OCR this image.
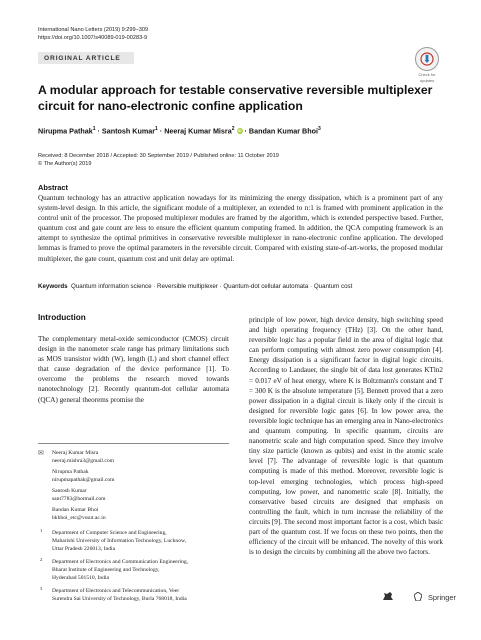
International Nano Letters (2019) 9:299–309
https://doi.org/10.1007/s40089-019-00283-9
ORIGINAL ARTICLE
Check for
updates
A modular approach for testable conservative reversible multiplexer
circuit for nano-electronic confine application
Nirupma Pathak$^1$ · Santosh Kumar$^1$ · Neeraj Kumar Misra$^2$ iD · Bandan Kumar Bhoi$^3$
Received: 8 December 2018 / Accepted: 30 September 2019 / Published online: 11 October 2019
© The Author(s) 2019
Abstract
Quantum technology has an attractive application nowadays for its minimizing the energy dissipation, which is a prominent part of any system-level design. In this article, the significant module of a multiplexer, an extended to n:1 is framed with prominent application in the control unit of the processor. The proposed multiplexer modules are framed by the algorithm, which is extended perspective based. Further, quantum cost and gate count are less to ensure the efficient quantum computing framed. In addition, the QCA computing framework is an attempt to synthesize the optimal primitives in conservative reversible multiplexer in nano-electronic confine application. The developed lemmas is framed to prove the optimal parameters in the reversible circuit. Compared with existing state-of-art-works, the proposed modular multiplexer, the gate count, quantum cost and unit delay are optimal.
Keywords Quantum information science · Reversible multiplexer · Quantum-dot cellular automata · Quantum cost
Introduction

The complementary metal-oxide semiconductor (CMOS) circuit design in the nanometer scale range has primary limitations such as MOS transistor width (W), length (L) and short channel effect that cause degradation of the device performance [1]. To overcome the problems the research moved towards nanotechnology [2]. Recently quantum-dot cellular automata (QCA) general theorems promise the

principle of low power, high device density, high switching speed and high operating frequency (THz) [3]. On the other hand, reversible logic has a popular field in the area of digital logic that can perform computing with almost zero power consumption [4]. Energy dissipation is a significant factor in digital logic circuits. According to Landauer, the single bit of data lost generates KTln2 = 0.017 eV of heat energy, where K is Boltzmann's constant and T = 300 K is the absolute temperature [5]. Bennett proved that a zero power dissipation in a digital circuit is likely only if the circuit is designed for reversible logic gates [6]. In low power area, the reversible logic technique has an emerging area in Nano-electronics and quantum computing. In specific quantum, circuits are nanometric scale and high computation speed. Since they involve tiny size particle (known as qubits) and exist in the atomic scale level [7]. The advantage of reversible logic is that quantum computing is made of this method. Moreover, reversible logic is top-level emerging technologies, which process high-speed computing, low power, and nanometric scale [8]. Initially, the conservative based circuits are designed that emphasis on controlling the fault, which in turn increase the reliability of the circuits [9]. The second most important factor is a cost, which basic part of the quantum cost. If we focus on these two points, then the efficiency of the circuit will be enhanced. The novelty of this work is to design the circuits by combining all the above two factors.

✉	Neeraj Kumar Misra
neeraj.mishra3@gmail.com
Nirupma Pathak
nirupmapathak@gmail.com
Santosh Kumar
sant7783@hotmail.com
Bandan Kumar Bhoi
bkbhoi_etc@vssut.ac.in
1 Department of Computer Science and Engineering,
Maharishi University of Information Technology, Lucknow,
Uttar Pradesh 226013, India
2 Department of Electronics and Communication Engineering,
Bharat Institute of Engineering and Technology,
Hyderabad 501510, India
3 Department of Electronics and Telecommunication, Veer
Surendra Sai University of Technology, Burla 768018, India	Springer
